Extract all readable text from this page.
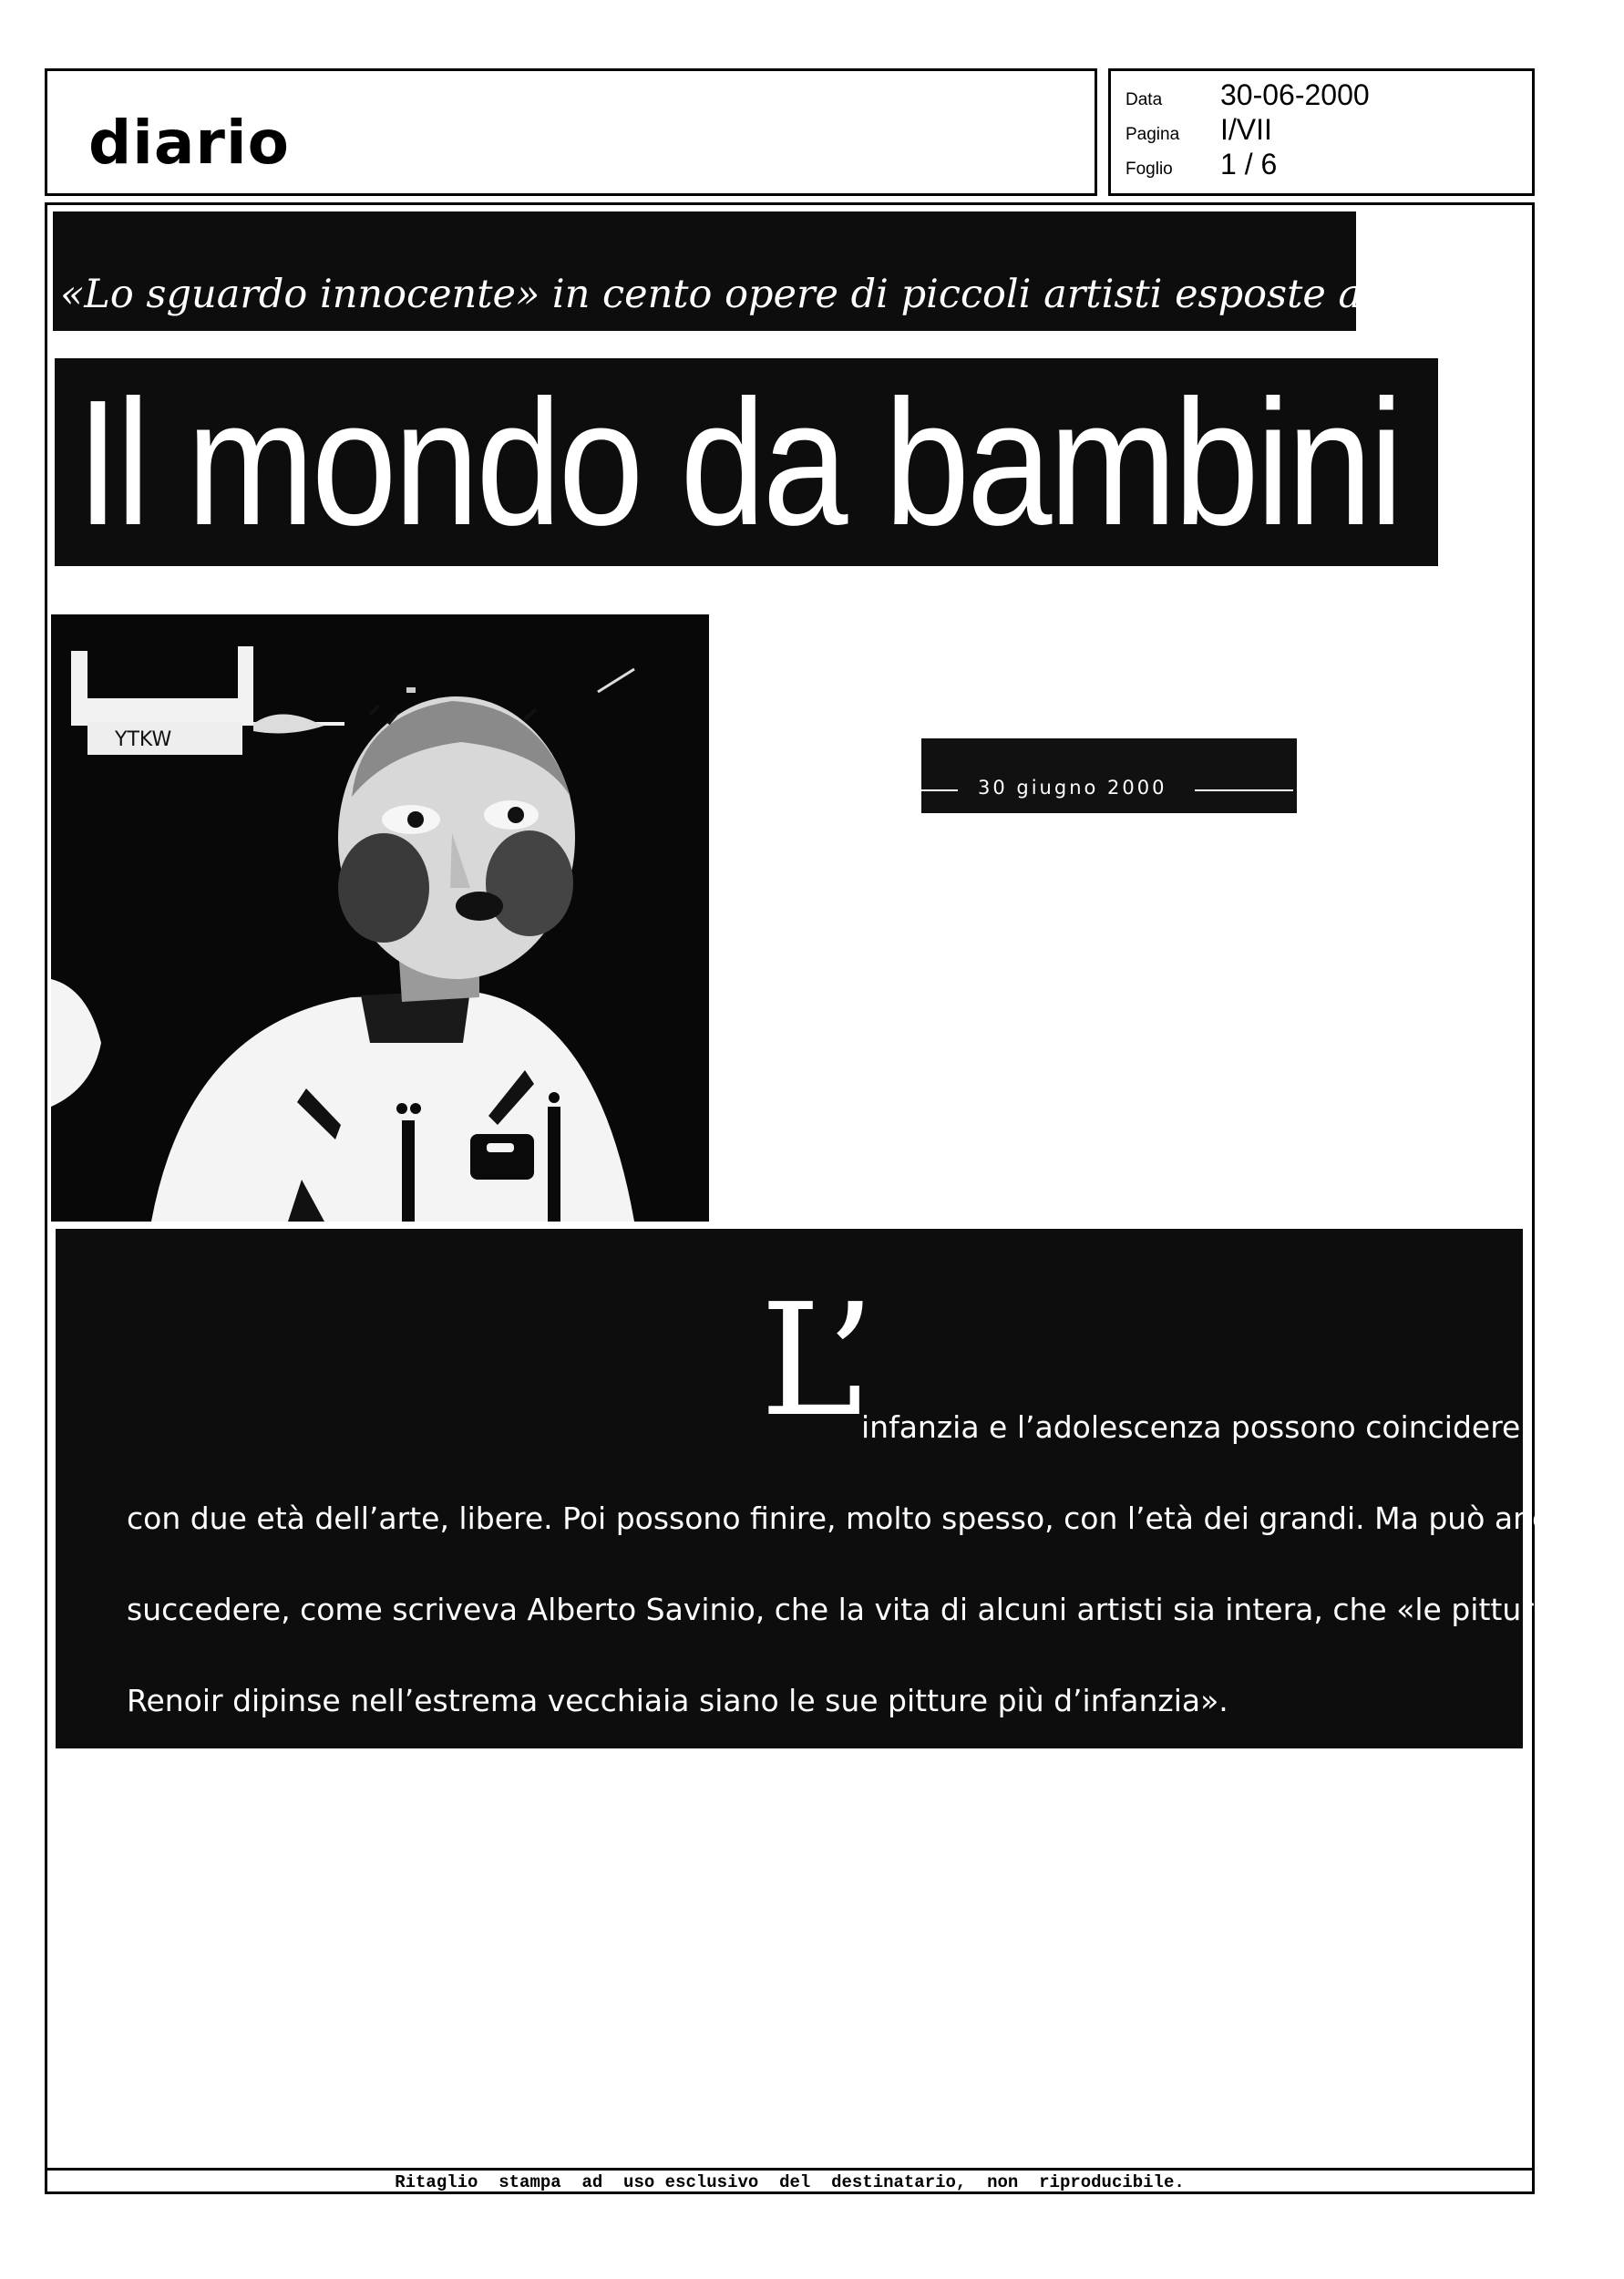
diario
Data	30-06-2000
Pagina	I/VII
Foglio	1 / 6
«Lo sguardo innocente» in cento opere di piccoli artisti esposte a Brescia
Il mondo da bambini
YTKW
30 giugno 2000
L’
infanzia e l’adolescenza possono coincidere
con due età dell’arte, libere. Poi possono finire, molto spesso, con l’età dei grandi. Ma può anche
succedere, come scriveva Alberto Savinio, che la vita di alcuni artisti sia intera, che «le pitture che
Renoir dipinse nell’estrema vecchiaia siano le sue pitture più d’infanzia».
Ritaglio  stampa  ad  uso esclusivo  del  destinatario,  non  riproducibile.
